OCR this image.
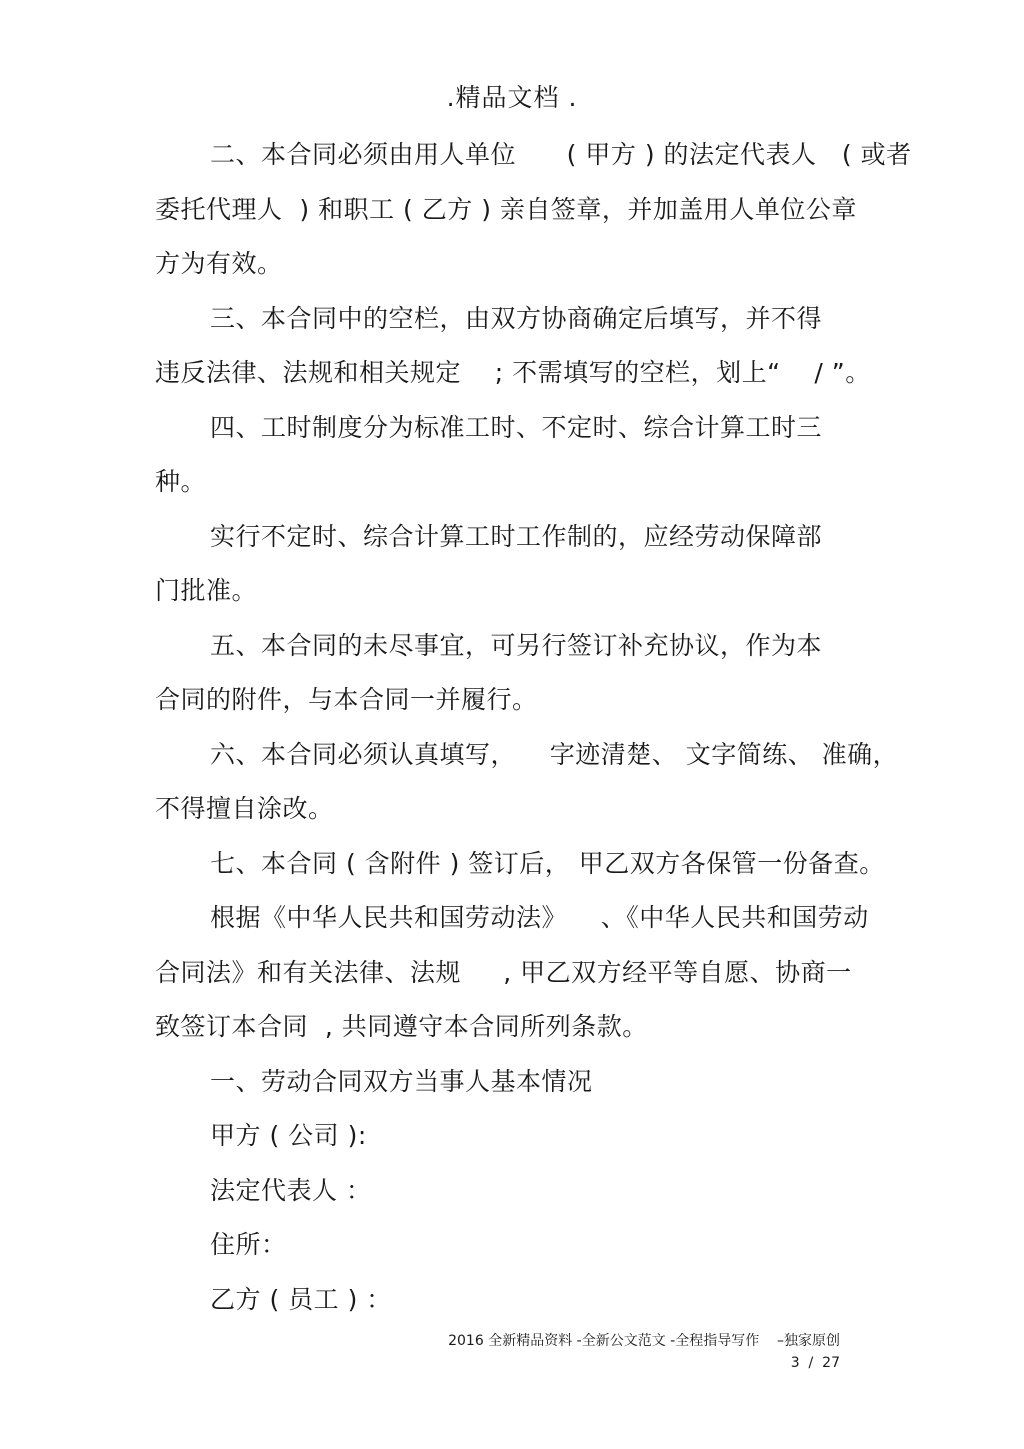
.精品文档 .
二、本合同必须由用人单位      ( 甲方 ) 的法定代表人   ( 或者
委托代理人  ) 和职工 ( 乙方 ) 亲自签章，并加盖用人单位公章
方为有效。
三、本合同中的空栏，由双方协商确定后填写，并不得
违反法律、法规和相关规定    ; 不需填写的空栏，划上“    / ”。
四、工时制度分为标准工时、不定时、综合计算工时三
种。
实行不定时、综合计算工时工作制的，应经劳动保障部
门批准。
五、本合同的未尽事宜，可另行签订补充协议，作为本
合同的附件，与本合同一并履行。
六、本合同必须认真填写，    字迹清楚、 文字简练、 准确，
不得擅自涂改。
七、本合同 ( 含附件 ) 签订后， 甲乙双方各保管一份备查。
根据《中华人民共和国劳动法》    、《中华人民共和国劳动
合同法》和有关法律、法规     , 甲乙双方经平等自愿、协商一
致签订本合同  , 共同遵守本合同所列条款。
一、劳动合同双方当事人基本情况
甲方 ( 公司 ):
法定代表人 ：
住所：
乙方 ( 员工 ) ：
2016 全新精品资料 -全新公文范文 -全程指导写作    –独家原创
3  /  27
